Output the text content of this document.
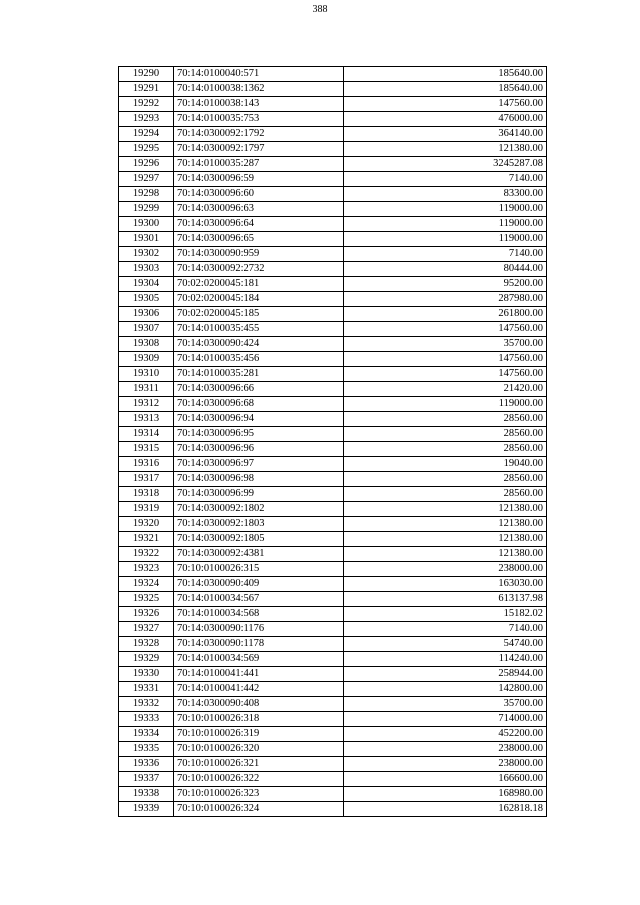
388
19290	70:14:0100040:571	185640.00
19291	70:14:0100038:1362	185640.00
19292	70:14:0100038:143	147560.00
19293	70:14:0100035:753	476000.00
19294	70:14:0300092:1792	364140.00
19295	70:14:0300092:1797	121380.00
19296	70:14:0100035:287	3245287.08
19297	70:14:0300096:59	7140.00
19298	70:14:0300096:60	83300.00
19299	70:14:0300096:63	119000.00
19300	70:14:0300096:64	119000.00
19301	70:14:0300096:65	119000.00
19302	70:14:0300090:959	7140.00
19303	70:14:0300092:2732	80444.00
19304	70:02:0200045:181	95200.00
19305	70:02:0200045:184	287980.00
19306	70:02:0200045:185	261800.00
19307	70:14:0100035:455	147560.00
19308	70:14:0300090:424	35700.00
19309	70:14:0100035:456	147560.00
19310	70:14:0100035:281	147560.00
19311	70:14:0300096:66	21420.00
19312	70:14:0300096:68	119000.00
19313	70:14:0300096:94	28560.00
19314	70:14:0300096:95	28560.00
19315	70:14:0300096:96	28560.00
19316	70:14:0300096:97	19040.00
19317	70:14:0300096:98	28560.00
19318	70:14:0300096:99	28560.00
19319	70:14:0300092:1802	121380.00
19320	70:14:0300092:1803	121380.00
19321	70:14:0300092:1805	121380.00
19322	70:14:0300092:4381	121380.00
19323	70:10:0100026:315	238000.00
19324	70:14:0300090:409	163030.00
19325	70:14:0100034:567	613137.98
19326	70:14:0100034:568	15182.02
19327	70:14:0300090:1176	7140.00
19328	70:14:0300090:1178	54740.00
19329	70:14:0100034:569	114240.00
19330	70:14:0100041:441	258944.00
19331	70:14:0100041:442	142800.00
19332	70:14:0300090:408	35700.00
19333	70:10:0100026:318	714000.00
19334	70:10:0100026:319	452200.00
19335	70:10:0100026:320	238000.00
19336	70:10:0100026:321	238000.00
19337	70:10:0100026:322	166600.00
19338	70:10:0100026:323	168980.00
19339	70:10:0100026:324	162818.18
